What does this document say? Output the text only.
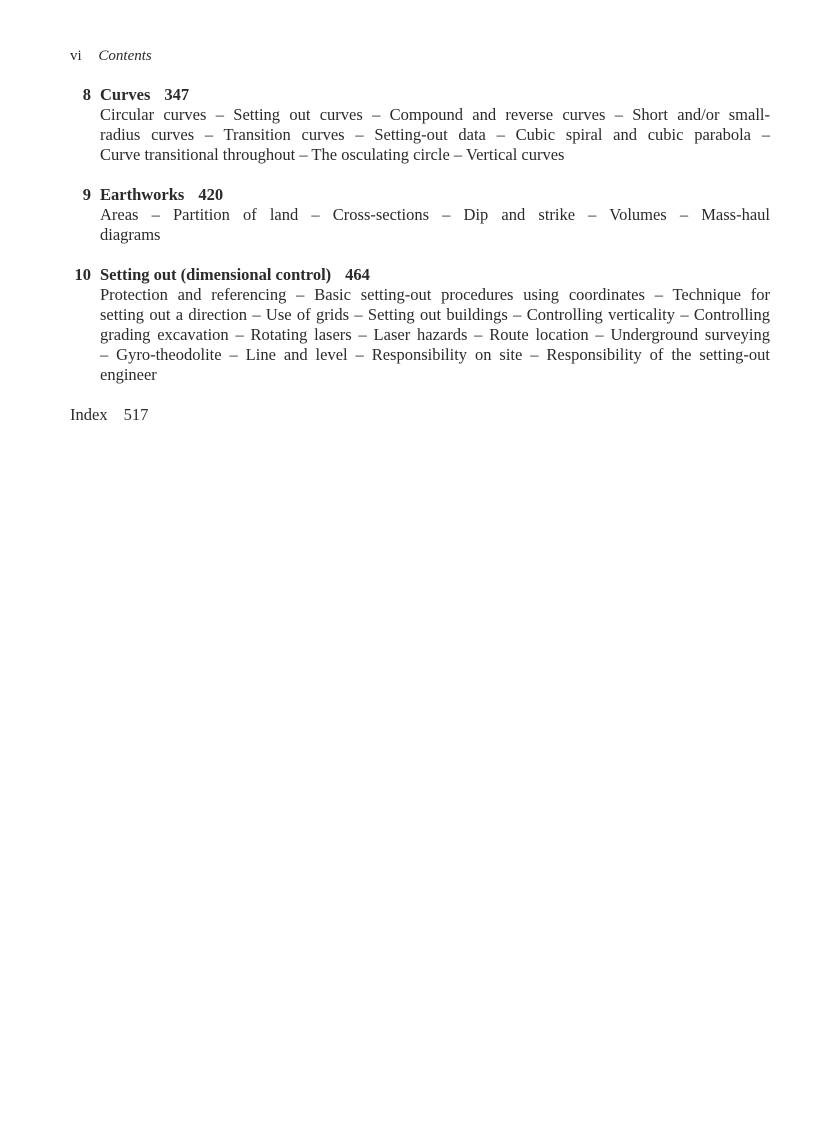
vi Contents
8 Curves 347
Circular curves – Setting out curves – Compound and reverse curves – Short and/or small-
radius curves – Transition curves – Setting-out data – Cubic spiral and cubic parabola –
Curve transitional throughout – The osculating circle – Vertical curves
9 Earthworks 420
Areas – Partition of land – Cross-sections – Dip and strike – Volumes – Mass-haul
diagrams
10 Setting out (dimensional control) 464
Protection and referencing – Basic setting-out procedures using coordinates – Technique for
setting out a direction – Use of grids – Setting out buildings – Controlling verticality – Controlling
grading excavation – Rotating lasers – Laser hazards – Route location – Underground surveying
– Gyro-theodolite – Line and level – Responsibility on site – Responsibility of the setting-out
engineer
Index 517
